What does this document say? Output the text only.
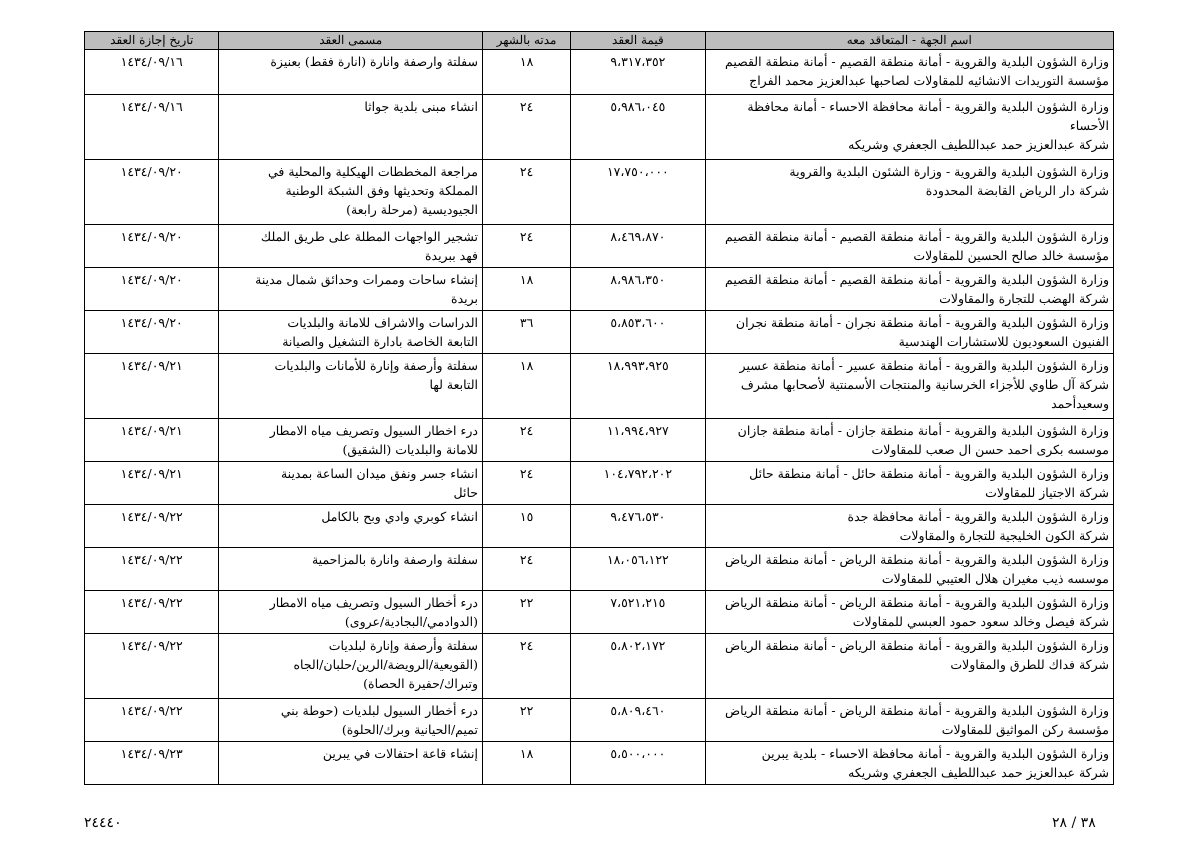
اسم الجهة - المتعاقد معه	قيمة العقد	مدته بالشهر	مسمى العقد	تاريخ إجازة العقد

وزارة الشؤون البلدية والقروية - أمانة منطقة القصيم - أمانة منطقة القصيم
مؤسسة التوريدات الانشائيه للمقاولات لصاحبها عبدالعزيز محمد الفراج	٩،٣١٧،٣٥٢	١٨	سفلتة وارصفة وانارة (انارة فقط) بعنيزة	١٤٣٤/٠٩/١٦

وزارة الشؤون البلدية والقروية - أمانة محافظة الاحساء - أمانة محافظة
الأحساء
شركة عبدالعزيز حمد عبداللطيف الجعفري وشريكه	٥،٩٨٦،٠٤٥	٢٤	انشاء مبنى بلدية جواثا	١٤٣٤/٠٩/١٦

وزارة الشؤون البلدية والقروية - وزارة الشئون البلدية والقروية
شركة دار الرياض القابضة المحدودة	١٧،٧٥٠،٠٠٠	٢٤	مراجعة المخططات الهيكلية والمحلية في
المملكة وتحديثها وفق الشبكة الوطنية
الجيوديسية (مرحلة رابعة)	١٤٣٤/٠٩/٢٠

وزارة الشؤون البلدية والقروية - أمانة منطقة القصيم - أمانة منطقة القصيم
مؤسسة خالد صالح الحسين للمقاولات	٨،٤٦٩،٨٧٠	٢٤	تشجير الواجهات المطلة على طريق الملك
فهد ببريدة	١٤٣٤/٠٩/٢٠

وزارة الشؤون البلدية والقروية - أمانة منطقة القصيم - أمانة منطقة القصيم
شركة الهضب للتجارة والمقاولات	٨،٩٨٦،٣٥٠	١٨	إنشاء ساحات وممرات وحدائق شمال مدينة
بريدة	١٤٣٤/٠٩/٢٠

وزارة الشؤون البلدية والقروية - أمانة منطقة نجران - أمانة منطقة نجران
الفنيون السعوديون للاستشارات الهندسية	٥،٨٥٣،٦٠٠	٣٦	الدراسات والاشراف للامانة والبلديات
التابعة الخاصة بادارة التشغيل والصيانة	١٤٣٤/٠٩/٢٠

وزارة الشؤون البلدية والقروية - أمانة منطقة عسير - أمانة منطقة عسير
شركة آل طاوي للأجزاء الخرسانية والمنتجات الأسمنتية لأصحابها مشرف
وسعيدأحمد	١٨،٩٩٣،٩٢٥	١٨	سفلتة وأرصفة وإنارة للأمانات والبلديات
التابعة لها	١٤٣٤/٠٩/٢١

وزارة الشؤون البلدية والقروية - أمانة منطقة جازان - أمانة منطقة جازان
موسسه بكرى احمد حسن ال صعب للمقاولات	١١،٩٩٤،٩٢٧	٢٤	درء اخطار السيول وتصريف مياه الامطار
للامانة والبلديات (الشقيق)	١٤٣٤/٠٩/٢١

وزارة الشؤون البلدية والقروية - أمانة منطقة حائل - أمانة منطقة حائل
شركة الاجتياز للمقاولات	١٠٤،٧٩٢،٢٠٢	٢٤	انشاء جسر ونفق ميدان الساعة بمدينة
حائل	١٤٣٤/٠٩/٢١

وزارة الشؤون البلدية والقروية - أمانة محافظة جدة
شركة الكون الخليجية للتجارة والمقاولات	٩،٤٧٦،٥٣٠	١٥	انشاء كوبري وادي وبح بالكامل	١٤٣٤/٠٩/٢٢

وزارة الشؤون البلدية والقروية - أمانة منطقة الرياض - أمانة منطقة الرياض
موسسه ذيب مغيران هلال العتيبي للمقاولات	١٨،٠٥٦،١٢٢	٢٤	سفلتة وارصفة وانارة بالمزاحمية	١٤٣٤/٠٩/٢٢

وزارة الشؤون البلدية والقروية - أمانة منطقة الرياض - أمانة منطقة الرياض
شركة فيصل وخالد سعود حمود العبسي للمقاولات	٧،٥٢١،٢١٥	٢٢	درء أخطار السيول وتصريف مياه الامطار
(الدوادمي/البجادية/عروى)	١٤٣٤/٠٩/٢٢

وزارة الشؤون البلدية والقروية - أمانة منطقة الرياض - أمانة منطقة الرياض
شركة فداك للطرق والمقاولات	٥،٨٠٢،١٧٢	٢٤	سفلتة وأرصفة وإنارة لبلديات
(القويعية/الرويضة/الرين/حلبان/الجاه
وتبراك/حفيرة الحصاة)	١٤٣٤/٠٩/٢٢

وزارة الشؤون البلدية والقروية - أمانة منطقة الرياض - أمانة منطقة الرياض
مؤسسة ركن المواثيق للمقاولات	٥،٨٠٩،٤٦٠	٢٢	درء أخطار السيول لبلديات (حوطة بني
تميم/الحيانية وبرك/الحلوة)	١٤٣٤/٠٩/٢٢

وزارة الشؤون البلدية والقروية - أمانة محافظة الاحساء - بلدية يبرين
شركة عبدالعزيز حمد عبداللطيف الجعفري وشريكه	٥،٥٠٠،٠٠٠	١٨	إنشاء قاعة احتفالات في يبرين	١٤٣٤/٠٩/٢٣
٣٨ / ٢٨
٢٤٤٤٠
